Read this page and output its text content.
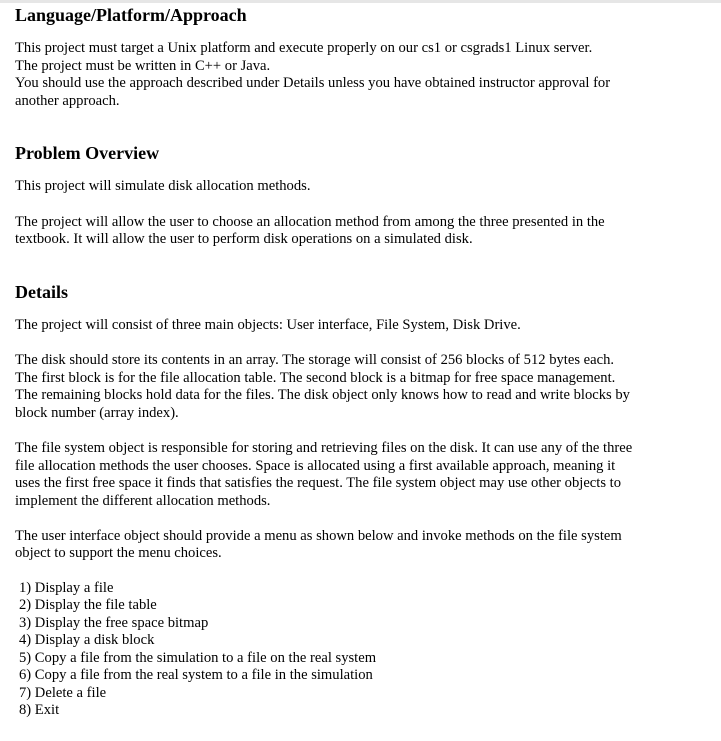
Language/Platform/Approach

This project must target a Unix platform and execute properly on our cs1 or csgrads1 Linux server.

The project must be written in C++ or Java.

You should use the approach described under Details unless you have obtained instructor approval for

another approach.

Problem Overview

This project will simulate disk allocation methods.

The project will allow the user to choose an allocation method from among the three presented in the

textbook. It will allow the user to perform disk operations on a simulated disk.

Details

The project will consist of three main objects: User interface, File System, Disk Drive.

The disk should store its contents in an array. The storage will consist of 256 blocks of 512 bytes each.

The first block is for the file allocation table. The second block is a bitmap for free space management.

The remaining blocks hold data for the files. The disk object only knows how to read and write blocks by

block number (array index).

The file system object is responsible for storing and retrieving files on the disk. It can use any of the three

file allocation methods the user chooses. Space is allocated using a first available approach, meaning it

uses the first free space it finds that satisfies the request. The file system object may use other objects to

implement the different allocation methods.

The user interface object should provide a menu as shown below and invoke methods on the file system

object to support the menu choices.

1) Display a file
2) Display the file table
3) Display the free space bitmap
4) Display a disk block
5) Copy a file from the simulation to a file on the real system
6) Copy a file from the real system to a file in the simulation
7) Delete a file
8) Exit
